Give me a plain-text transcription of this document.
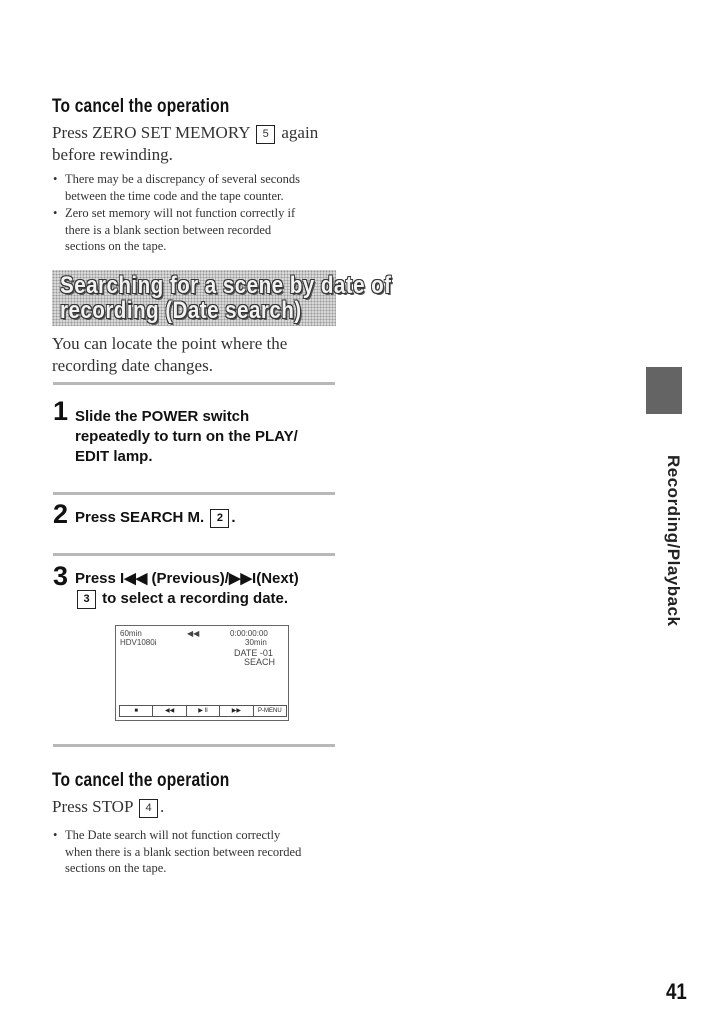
To cancel the operation
Press ZERO SET MEMORY 5 again
before rewinding.
• There may be a discrepancy of several seconds
between the time code and the tape counter.
• Zero set memory will not function correctly if
there is a blank section between recorded
sections on the tape.
Searching for a scene by date of
recording (Date search)
You can locate the point where the
recording date changes.
1 Slide the POWER switch
repeatedly to turn on the PLAY/
EDIT lamp.
2 Press SEARCH M. 2 .
3 Press I◀◀ (Previous)/▶▶I(Next)
3 to select a recording date.
60min
HDV1080i
◀◀	0:00:00:00
30min
DATE -01
SEACH
■	◀◀	▶ II	▶▶	P-MENU
To cancel the operation
Press STOP 4 .
• The Date search will not function correctly
when there is a blank section between recorded
sections on the tape.
Recording/Playback
41
